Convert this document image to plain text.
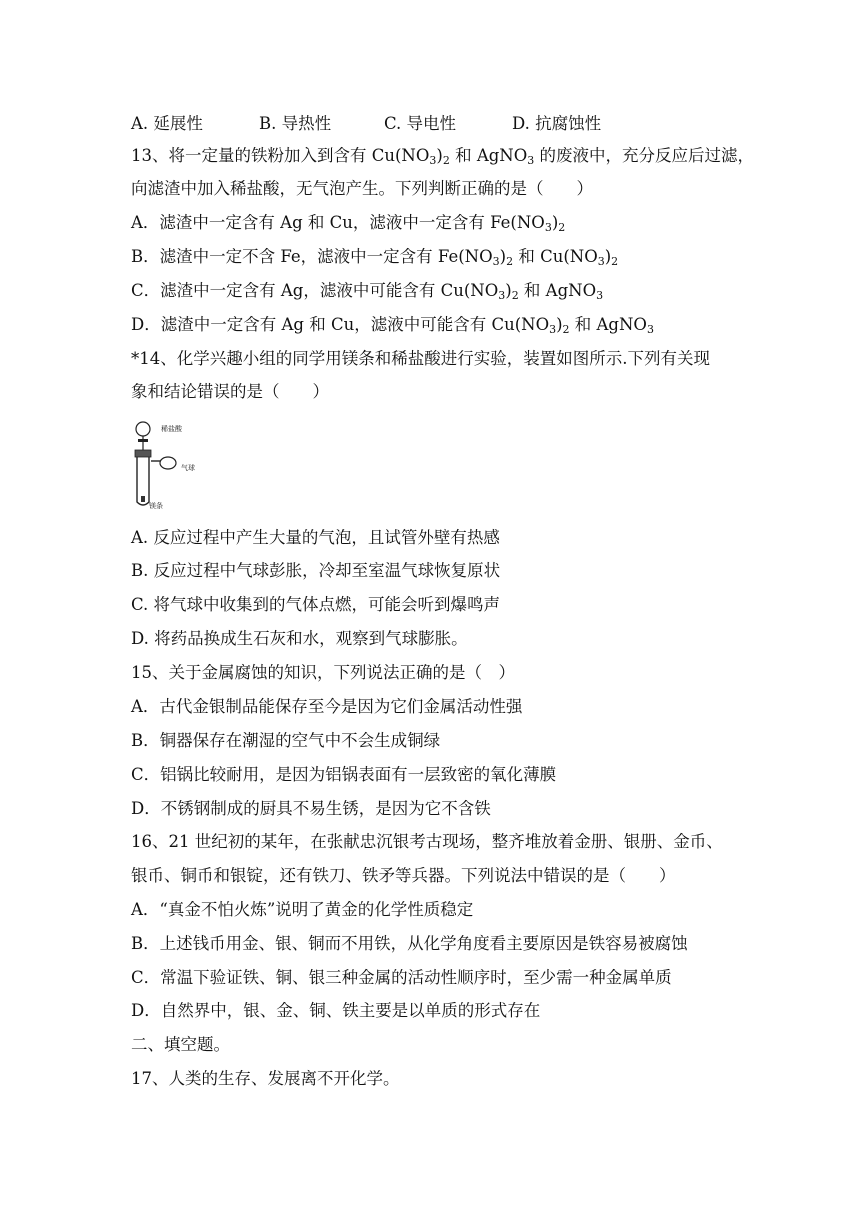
A. 延展性	B. 导热性	C. 导电性	D. 抗腐蚀性
13、将一定量的铁粉加入到含有 $Cu(NO_3)_2$ 和 AgNO$_3$ 的废液中，充分反应后过滤，
向滤渣中加入稀盐酸，无气泡产生。下列判断正确的是（　　）
A．滤渣中一定含有 Ag 和 Cu，滤液中一定含有 $Fe(NO_3)_2$
B．滤渣中一定不含 Fe，滤液中一定含有 $Fe(NO_3)_2$ 和 $Cu(NO_3)_2$
C．滤渣中一定含有 Ag，滤液中可能含有 $Cu(NO_3)_2$ 和 AgNO$_3$
D．滤渣中一定含有 Ag 和 Cu，滤液中可能含有 $Cu(NO_3)_2$ 和 AgNO$_3$
*14、化学兴趣小组的同学用镁条和稀盐酸进行实验，装置如图所示.下列有关现
象和结论错误的是（　　）
稀盐酸
气球
镁条
A. 反应过程中产生大量的气泡，且试管外壁有热感
B. 反应过程中气球彭胀，冷却至室温气球恢复原状
C. 将气球中收集到的气体点燃，可能会听到爆鸣声
D. 将药品换成生石灰和水，观察到气球膨胀。
15、关于金属腐蚀的知识，下列说法正确的是（　）
A．古代金银制品能保存至今是因为它们金属活动性强
B．铜器保存在潮湿的空气中不会生成铜绿
C．铝锅比较耐用，是因为铝锅表面有一层致密的氧化薄膜
D．不锈钢制成的厨具不易生锈，是因为它不含铁
16、21 世纪初的某年，在张献忠沉银考古现场，整齐堆放着金册、银册、金币、
银币、铜币和银锭，还有铁刀、铁矛等兵器。下列说法中错误的是（　　）
A．“真金不怕火炼”说明了黄金的化学性质稳定
B．上述钱币用金、银、铜而不用铁，从化学角度看主要原因是铁容易被腐蚀
C．常温下验证铁、铜、银三种金属的活动性顺序时，至少需一种金属单质
D．自然界中，银、金、铜、铁主要是以单质的形式存在
二、填空题。
17、人类的生存、发展离不开化学。
